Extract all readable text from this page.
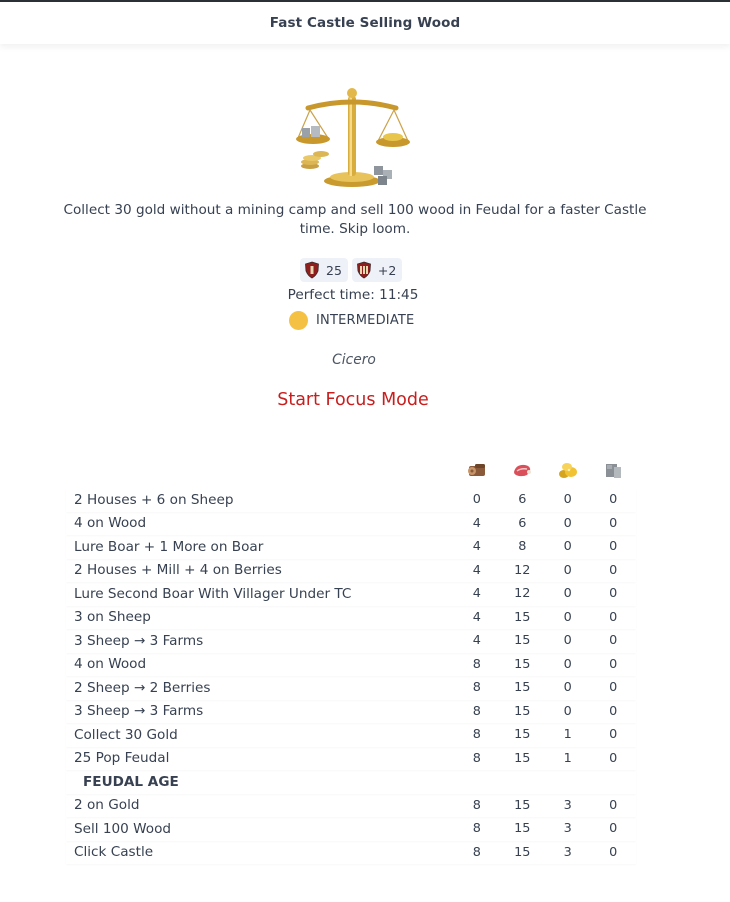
Fast Castle Selling Wood

Collect 30 gold without a mining camp and sell 100 wood in Feudal for a faster Castle time. Skip loom.

25	+2
Perfect time: 11:45
INTERMEDIATE
Cicero
Start Focus Mode

2 Houses + 6 on Sheep	0	6	0	0
4 on Wood	4	6	0	0
Lure Boar + 1 More on Boar	4	8	0	0
2 Houses + Mill + 4 on Berries	4	12	0	0
Lure Second Boar With Villager Under TC	4	12	0	0
3 on Sheep	4	15	0	0
3 Sheep → 3 Farms	4	15	0	0
4 on Wood	8	15	0	0
2 Sheep → 2 Berries	8	15	0	0
3 Sheep → 3 Farms	8	15	0	0
Collect 30 Gold	8	15	1	0
25 Pop Feudal	8	15	1	0
FEUDAL AGE				
2 on Gold	8	15	3	0
Sell 100 Wood	8	15	3	0
Click Castle	8	15	3	0
